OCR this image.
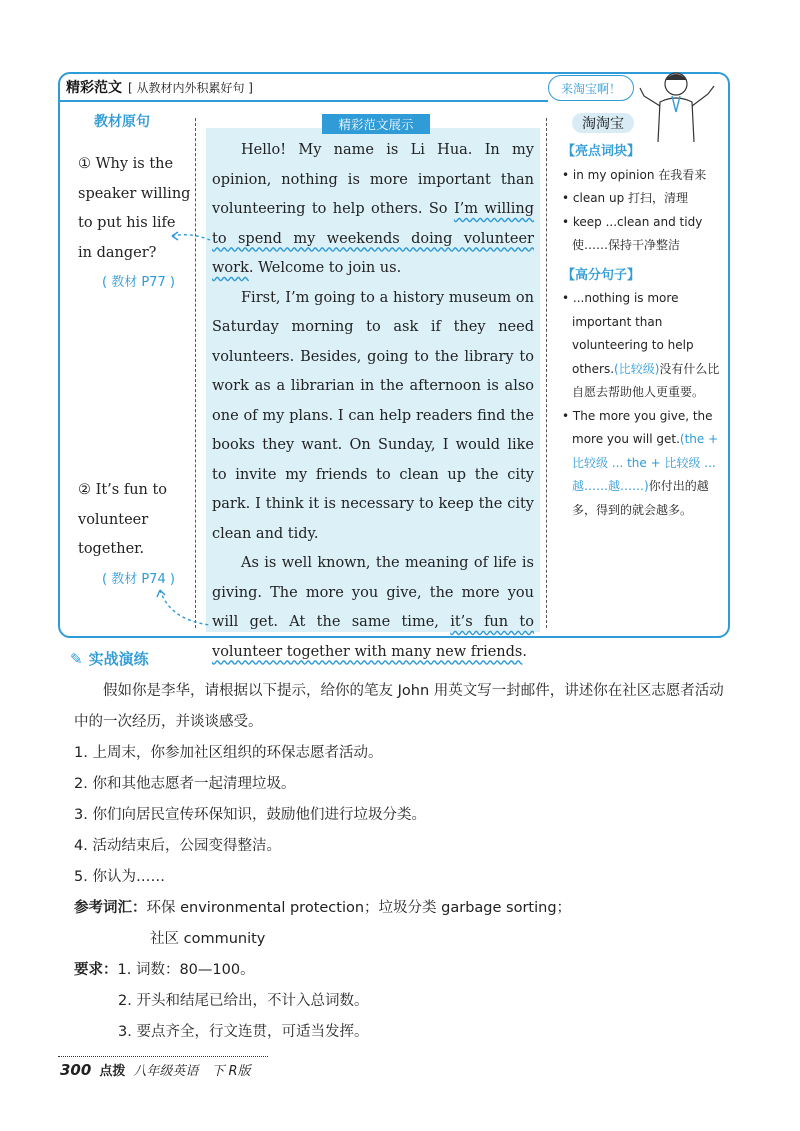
精彩范文 [ 从教材内外积累好句 ]	来淘宝啊！
淘淘宝
教材原句
① Why is the speaker willing to put his life in danger?
( 教材 P77 )
② It’s fun to volunteer together.
( 教材 P74 )
精彩范文展示

Hello! My name is Li Hua. In my opinion, nothing is more important than volunteering to help others. So I’m willing to spend my weekends doing volunteer work. Welcome to join us.

First, I’m going to a history museum on Saturday morning to ask if they need volunteers. Besides, going to the library to work as a librarian in the afternoon is also one of my plans. I can help readers find the books they want. On Sunday, I would like to invite my friends to clean up the city park. I think it is necessary to keep the city clean and tidy.

As is well known, the meaning of life is giving. The more you give, the more you will get. At the same time, it’s fun to volunteer together with many new friends.

【亮点词块】
• in my opinion 在我看来
• clean up 打扫，清理
• keep ...clean and tidy 使……保持干净整洁
【高分句子】
• ...nothing is more important than volunteering to help others.(比较级)没有什么比自愿去帮助他人更重要。
• The more you give, the more you will get.(the + 比较级 ... the + 比较级 ...越……越……)你付出的越多，得到的就会越多。
✎ 实战演练
假如你是李华，请根据以下提示，给你的笔友 John 用英文写一封邮件，讲述你在社区志愿者活动中的一次经历，并谈谈感受。
1. 上周末，你参加社区组织的环保志愿者活动。
2. 你和其他志愿者一起清理垃圾。
3. 你们向居民宣传环保知识，鼓励他们进行垃圾分类。
4. 活动结束后，公园变得整洁。
5. 你认为……
参考词汇：环保 environmental protection；垃圾分类 garbage sorting；
社区 community
要求：1. 词数：80—100。
2. 开头和结尾已给出，不计入总词数。
3. 要点齐全，行文连贯，可适当发挥。
300 点拨 八年级英语　下 R版
